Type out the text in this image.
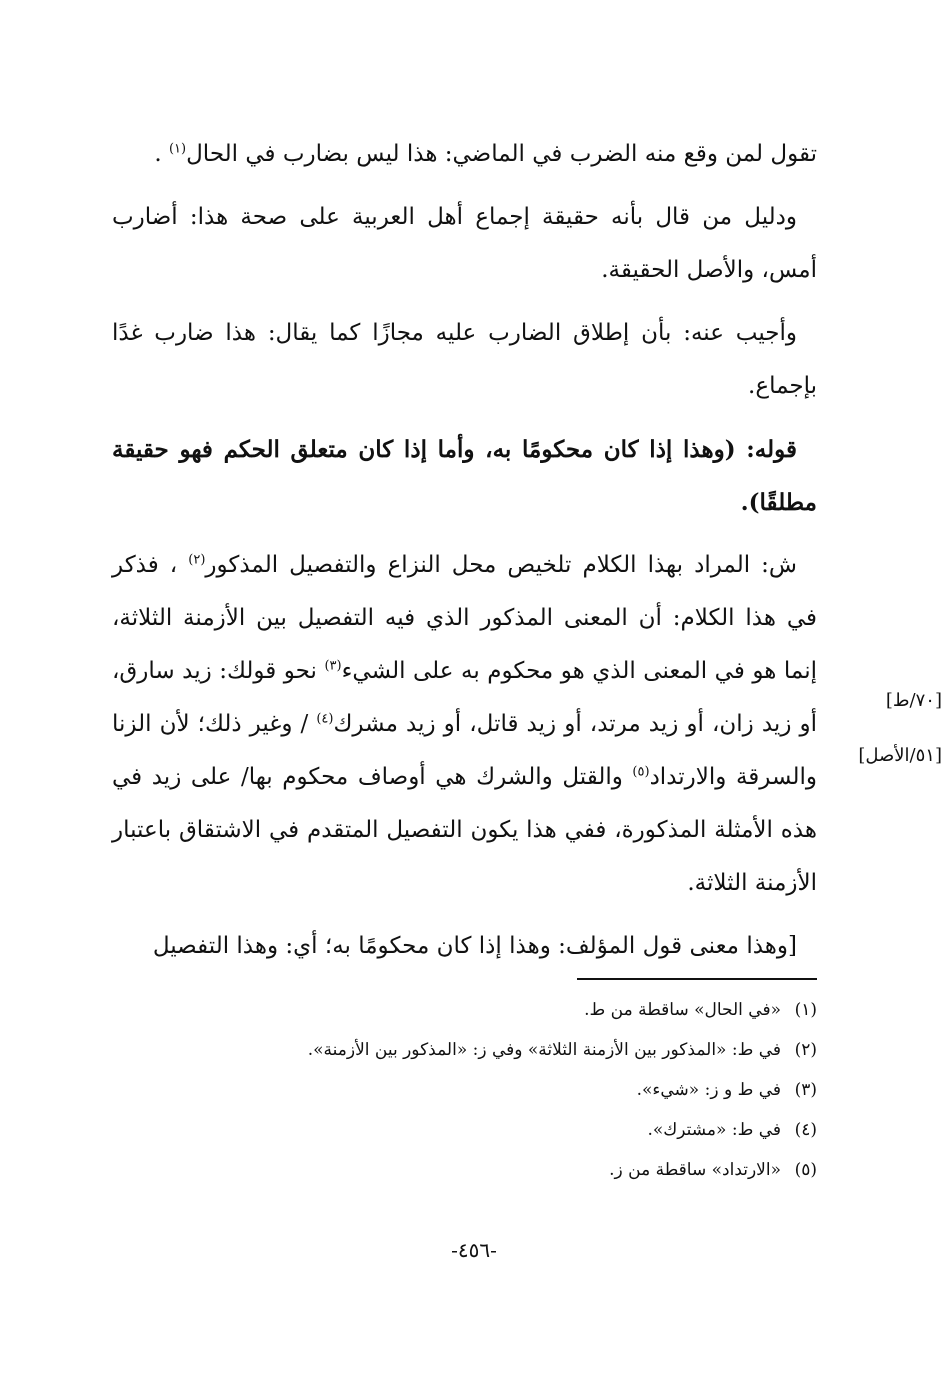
تقول لمن وقع منه الضرب في الماضي: هذا ليس بضارب في الحال$^{(١)}$ .

ودليل من قال بأنه حقيقة إجماع أهل العربية على صحة هذا: أضارب أمس، والأصل الحقيقة.

وأجيب عنه: بأن إطلاق الضارب عليه مجازًا كما يقال: هذا ضارب غدًا بإجماع.

قوله: (وهذا إذا كان محكومًا به، وأما إذا كان متعلق الحكم فهو حقيقة مطلقًا).

ش: المراد بهذا الكلام تلخيص محل النزاع والتفصيل المذكور$^{(٢)}$ ، فذكر في هذا الكلام: أن المعنى المذكور الذي فيه التفصيل بين الأزمنة الثلاثة، إنما هو في المعنى الذي هو محكوم به على الشيء$^{(٣)}$ نحو قولك: زيد سارق، أو زيد زان، أو زيد مرتد، أو زيد قاتل، أو زيد مشرك$^{(٤)}$ / وغير ذلك؛ لأن الزنا والسرقة والارتداد$^{(٥)}$ والقتل والشرك هي أوصاف محكوم بها/ على زيد في هذه الأمثلة المذكورة، ففي هذا يكون التفصيل المتقدم في الاشتقاق باعتبار الأزمنة الثلاثة.

[وهذا معنى قول المؤلف: وهذا إذا كان محكومًا به؛ أي: وهذا التفصيل

[٧٠/ط]
[٥١/الأصل]
(١)«في الحال» ساقطة من ط.
(٢)في ط: «المذكور بين الأزمنة الثلاثة» وفي ز: «المذكور بين الأزمنة».
(٣)في ط و ز: «شيء».
(٤)في ط: «مشترك».
(٥)«الارتداد» ساقطة من ز.
-٤٥٦-
